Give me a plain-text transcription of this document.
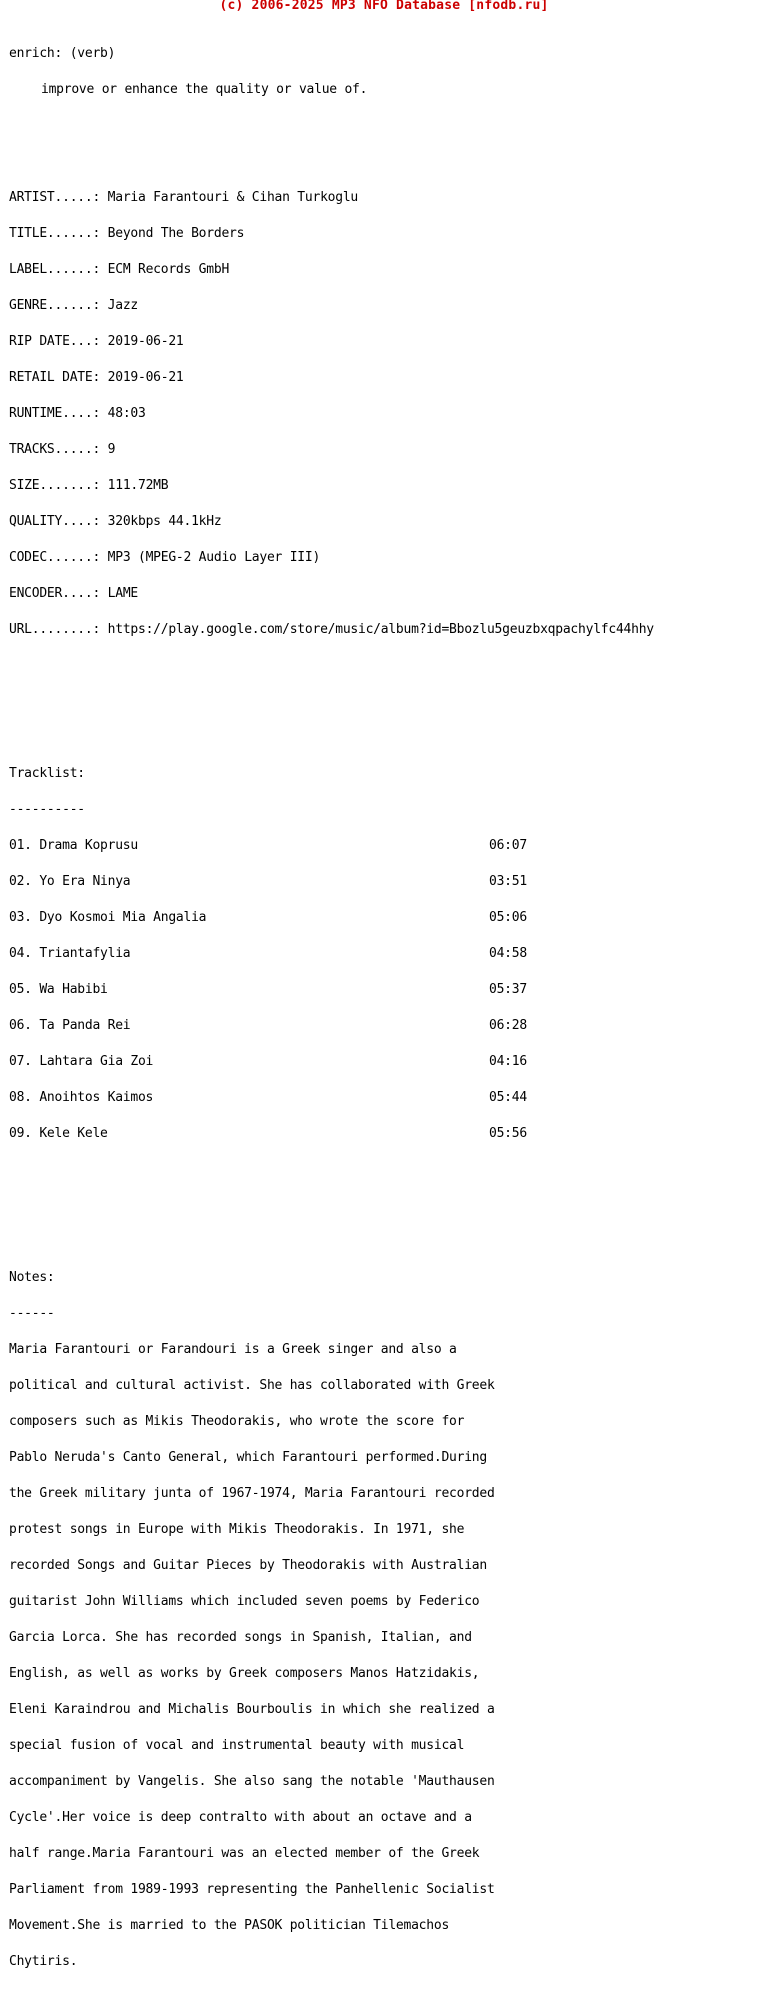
(c) 2006-2025 MP3 NFO Database [nfodb.ru]

enrich: (verb)

improve or enhance the quality or value of.

ARTIST.....: Maria Farantouri & Cihan Turkoglu

TITLE......: Beyond The Borders

LABEL......: ECM Records GmbH

GENRE......: Jazz

RIP DATE...: 2019-06-21

RETAIL DATE: 2019-06-21

RUNTIME....: 48:03

TRACKS.....: 9

SIZE.......: 111.72MB

QUALITY....: 320kbps 44.1kHz

CODEC......: MP3 (MPEG-2 Audio Layer III)

ENCODER....: LAME

URL........: https://play.google.com/store/music/album?id=Bbozlu5geuzbxqpachylfc44hhy

Tracklist:

----------

01. Drama Koprusu	06:07

02. Yo Era Ninya	03:51

03. Dyo Kosmoi Mia Angalia	05:06

04. Triantafylia	04:58

05. Wa Habibi	05:37

06. Ta Panda Rei	06:28

07. Lahtara Gia Zoi	04:16

08. Anoihtos Kaimos	05:44

09. Kele Kele	05:56

Notes:

------

Maria Farantouri or Farandouri is a Greek singer and also a

political and cultural activist. She has collaborated with Greek

composers such as Mikis Theodorakis, who wrote the score for

Pablo Neruda's Canto General, which Farantouri performed.During

the Greek military junta of 1967-1974, Maria Farantouri recorded

protest songs in Europe with Mikis Theodorakis. In 1971, she

recorded Songs and Guitar Pieces by Theodorakis with Australian

guitarist John Williams which included seven poems by Federico

Garcia Lorca. She has recorded songs in Spanish, Italian, and

English, as well as works by Greek composers Manos Hatzidakis,

Eleni Karaindrou and Michalis Bourboulis in which she realized a

special fusion of vocal and instrumental beauty with musical

accompaniment by Vangelis. She also sang the notable 'Mauthausen

Cycle'.Her voice is deep contralto with about an octave and a

half range.Maria Farantouri was an elected member of the Greek

Parliament from 1989-1993 representing the Panhellenic Socialist

Movement.She is married to the PASOK politician Tilemachos

Chytiris.
